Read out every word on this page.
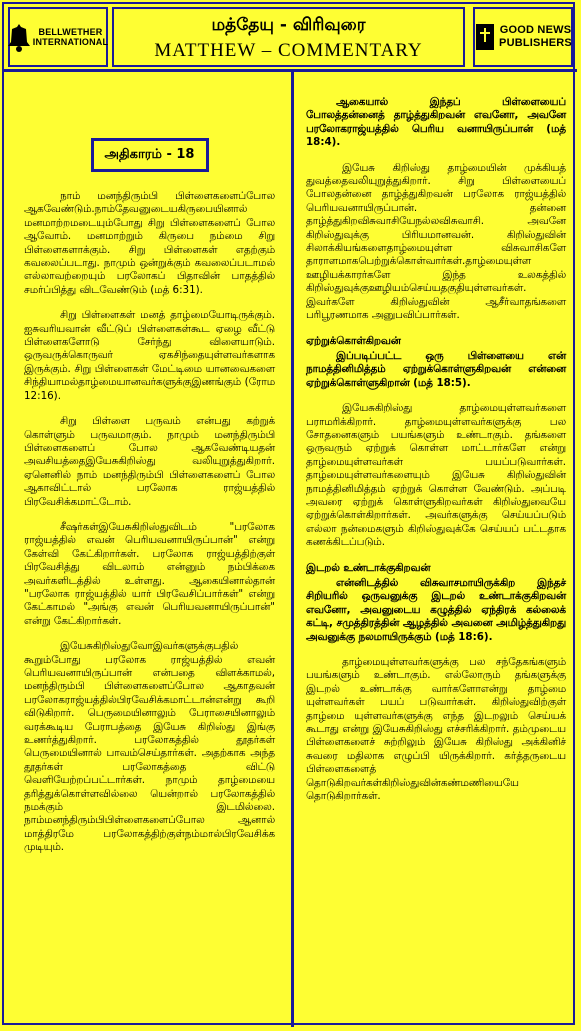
BELLWETHER
INTERNATIONAL
மத்தேயு - விரிவுரை
MATTHEW – COMMENTARY
GOOD NEWS
PUBLISHERS
அதிகாரம் - 18

நாம் மனந்திரும்பி பிள்ளைகளைப்போல ஆகவேண்டும்.நாம்தேவனுடையகிருபையினால் மனமாற்றமடையும்போது சிறு பிள்ளைகளைப் போல ஆவோம். மனமாற்றும் கிருபை நம்மை சிறு பிள்ளைகளாக்கும். சிறு பிள்ளைகள் எதற்கும் கவலைப்படாது. நாமும் ஒன்றுக்கும் கவலைப்படாமல் எல்லாவற்றையும் பரலோகப் பிதாவின் பாதத்தில் சமர்ப்பித்து விடவேண்டும் (மத் 6:31).

சிறு பிள்ளைகள் மனத் தாழ்மையோடிருக்கும். ஐசுவரியவான் வீட்டுப் பிள்ளைகள்கூட ஏழை வீட்டு பிள்ளைகளோடு சேர்ந்து விளையாடும். ஒருவருக்கொருவர் ஏகசிந்தையுள்ளவர்களாக இருக்கும். சிறு பிள்ளைகள் மேட்டிமை யானவைகளை சிந்தியாமல்தாழ்மையானவர்களுக்குஇணங்கும் (ரோம 12:16).

சிறு பிள்ளை பருவம் என்பது கற்றுக் கொள்ளும் பருவமாகும். நாமும் மனந்திரும்பி பிள்ளைகளைப் போல ஆகவேண்டியதன் அவசியத்தைஇயேசுகிறிஸ்து வலியுறுத்துகிறார். ஏனெனில் நாம் மனந்திரும்பி பிள்ளைகளைப் போல ஆகாவிட்டால் பரலோக ராஜ்யத்தில் பிரவேசிக்கமாட்டோம்.

சீஷர்கள்இயேசுகிறிஸ்துவிடம் "பரலோக ராஜ்யத்தில் எவன் பெரியவனாயிருப்பான்" என்று கேள்வி கேட்கிறார்கள். பரலோக ராஜ்யத்திற்குள் பிரவேசித்து விடலாம் என்னும் நம்பிக்கை அவர்களிடத்தில் உள்ளது. ஆகையினால்தான் "பரலோக ராஜ்யத்தில் யார் பிரவேசிப்பார்கள்" என்று கேட்காமல் "அங்கு எவன் பெரியவனாயிருப்பான்" என்று கேட்கிறார்கள்.

இயேசுகிறிஸ்துவோஇவர்களுக்குபதில் கூறும்போது பரலோக ராஜ்யத்தில் எவன் பெரியவனாயிருப்பான் என்பதை விளக்காமல், மனந்திரும்பி பிள்ளைகளைப்போல ஆகாதவன் பரலோகராஜ்யத்தில்பிரவேசிக்கமாட்டான்என்று கூறி விடுகிறார். பெருமையினாலும் பேராசையினாலும் வரக்கூடிய பேராபத்தை இயேசு கிறிஸ்து இங்கு உணர்த்துகிறார். பரலோகத்தில் தூதர்கள் பெருமையினால் பாவம்செய்தார்கள். அதற்காக அந்த தூதர்கள் பரலோகத்தை விட்டு வெளியேற்றப்பட்டார்கள். நாமும் தாழ்மையை தரித்துக்கொள்ளவில்லை யென்றால் பரலோகத்தில் நமக்கும் இடமில்லை. நாம்மனந்திரும்பிபிள்ளைகளைப்போல ஆனால் மாத்திரமே பரலோகத்திற்குள்நம்மால்பிரவேசிக்க முடியும்.

ஆகையால் இந்தப் பிள்ளையைப் போலத்தன்னைத் தாழ்த்துகிறவன் எவனோ, அவனே பரலோகராஜ்யத்தில் பெரிய வனாயிருப்பான் (மத் 18:4).

இயேசு கிறிஸ்து தாழ்மையின் முக்கியத் துவத்தைவலியுறுத்துகிறார். சிறு பிள்ளையைப் போலதன்னை தாழ்த்துகிறவன் பரலோக ராஜ்யத்தில் பெரியவனாயிருப்பான். தன்னை தாழ்த்துகிறவிசுவாசியேநல்லவிசுவாசி. அவனே கிறிஸ்துவுக்கு பிரியமானவன். கிறிஸ்துவின் சிலாக்கியங்களைதாழ்மையுள்ள விசுவாசிகளே தாராளமாகபெற்றுக்கொள்வார்கள்.தாழ்மையுள்ள ஊழியக்காரர்களே இந்த உலகத்தில் கிறிஸ்துவுக்குஊழியம்செய்யதகுதியுள்ளவர்கள். இவர்களே கிறிஸ்துவின் ஆசீர்வாதங்களை பரிபூரணமாக அனுபவிப்பார்கள்.

ஏற்றுக்கொள்கிறவன்

இப்படிப்பட்ட ஒரு பிள்ளையை என் நாமத்தினிமித்தம் ஏற்றுக்கொள்ளுகிறவன் என்னை ஏற்றுக்கொள்ளுகிறான் (மத் 18:5).

இயேசுகிறிஸ்து தாழ்மையுள்ளவர்களை பராமரிக்கிறார். தாழ்மையுள்ளவர்களுக்கு பல சோதனைகளும் பயங்களும் உண்டாகும். தங்களை ஒருவரும் ஏற்றுக் கொள்ள மாட்டார்களே என்று தாழ்மையுள்ளவர்கள் பயப்படுவார்கள். தாழ்மையுள்ளவர்களையும் இயேசு கிறிஸ்துவின் நாமத்தினிமித்தம் ஏற்றுக் கொள்ள வேண்டும். அப்படி அவரை ஏற்றுக் கொள்ளுகிறவர்கள் கிறிஸ்துவையே ஏற்றுக்கொள்கிறார்கள். அவர்களுக்கு செய்யப்படும் எல்லா நன்மைகளும் கிறிஸ்துவுக்கே செய்யப் பட்டதாக கணக்கிடப்படும்.

இடறல் உண்டாக்குகிறவன்

என்னிடத்தில் விசுவாசமாயிருக்கிற இந்தச் சிறியரில் ஒருவனுக்கு இடறல் உண்டாக்குகிறவன் எவனோ, அவனுடைய கழுத்தில் ஏந்திரக் கல்லைக் கட்டி, சமுத்திரத்தின் ஆழத்தில் அவனை அமிழ்த்துகிறது அவனுக்கு நலமாயிருக்கும் (மத் 18:6).

தாழ்மையுள்ளவர்களுக்கு பல சந்தேகங்களும் பயங்களும் உண்டாகும். எல்லோரும் தங்களுக்கு இடறல் உண்டாக்கு வார்களோஎன்று தாழ்மை யுள்ளவர்கள் பயப் படுவார்கள். கிறிஸ்துவிற்குள் தாழ்மை யுள்ளவர்களுக்கு எந்த இடறலும் செய்யக் கூடாது என்று இயேசுகிறிஸ்து எச்சரிக்கிறார். தம்முடைய பிள்ளைகளைச் சுற்றிலும் இயேசு கிறிஸ்து அக்கினிச் சுவரை மதிலாக எழுப்பி யிருக்கிறார். கர்த்தருடைய பிள்ளைகளைத் தொடுகிறவர்கள்கிறிஸ்துவின்கண்மணியையே தொடுகிறார்கள்.
